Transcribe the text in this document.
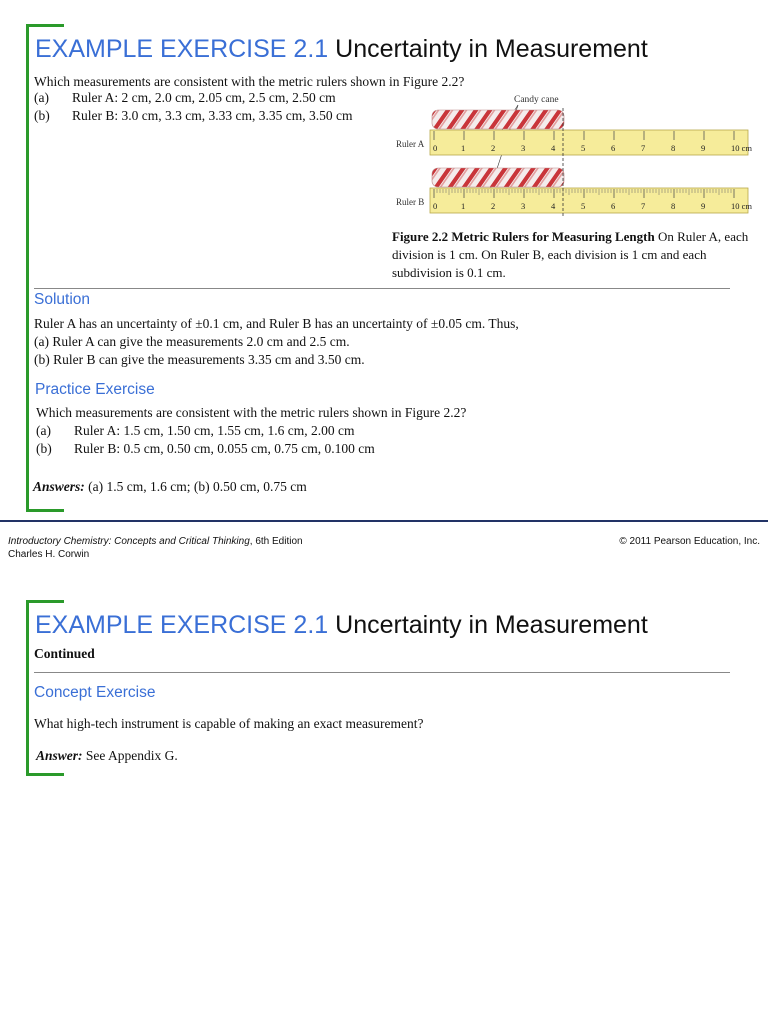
EXAMPLE EXERCISE 2.1 Uncertainty in Measurement
Which measurements are consistent with the metric rulers shown in Figure 2.2?
(a) Ruler A: 2 cm, 2.0 cm, 2.05 cm, 2.5 cm, 2.50 cm
(b) Ruler B: 3.0 cm, 3.3 cm, 3.33 cm, 3.35 cm, 3.50 cm
Candy cane
Ruler A 0	1	2	3	4	5	6	7	8	9	10 cm
Ruler B 0	1	2	3	4	5	6	7	8	9	10 cm
Figure 2.2 Metric Rulers for Measuring Length On Ruler A, each division is 1 cm. On Ruler B, each division is 1 cm and each subdivision is 0.1 cm.
Solution
Ruler A has an uncertainty of ±0.1 cm, and Ruler B has an uncertainty of ±0.05 cm. Thus,
(a) Ruler A can give the measurements 2.0 cm and 2.5 cm.
(b) Ruler B can give the measurements 3.35 cm and 3.50 cm.
Practice Exercise
Which measurements are consistent with the metric rulers shown in Figure 2.2?
(a) Ruler A: 1.5 cm, 1.50 cm, 1.55 cm, 1.6 cm, 2.00 cm
(b) Ruler B: 0.5 cm, 0.50 cm, 0.055 cm, 0.75 cm, 0.100 cm
Answers: (a) 1.5 cm, 1.6 cm; (b) 0.50 cm, 0.75 cm
Introductory Chemistry: Concepts and Critical Thinking, 6th Edition
Charles H. Corwin
© 2011 Pearson Education, Inc.
EXAMPLE EXERCISE 2.1 Uncertainty in Measurement
Continued
Concept Exercise
What high-tech instrument is capable of making an exact measurement?
Answer: See Appendix G.
